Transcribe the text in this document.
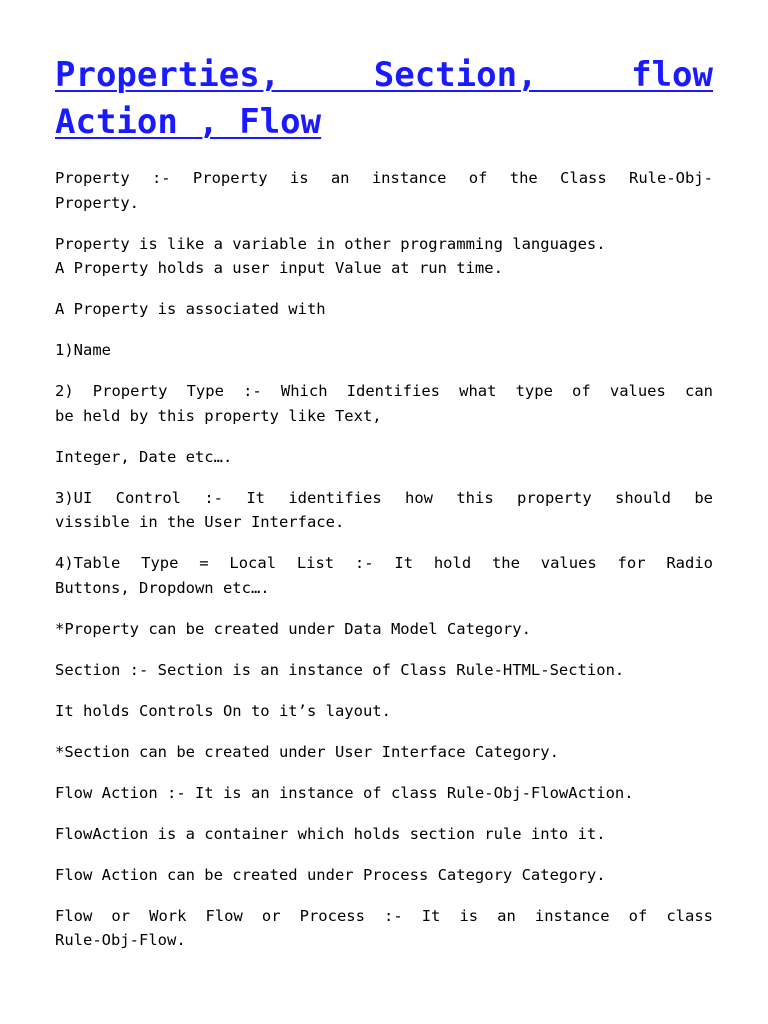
Properties, Section, flow
Action , Flow

Property :- Property is an instance of the Class Rule-Obj-
Property.

Property is like a variable in other programming languages.
A Property holds a user input Value at run time.

A Property is associated with

1)Name

2) Property Type :- Which Identifies what type of values can
be held by this property like Text,

Integer, Date etc….

3)UI Control :- It identifies how this property should be
vissible in the User Interface.

4)Table Type = Local List :- It hold the values for Radio
Buttons, Dropdown etc….

*Property can be created under Data Model Category.

Section :- Section is an instance of Class Rule-HTML-Section.

It holds Controls On to it’s layout.

*Section can be created under User Interface Category.

Flow Action :- It is an instance of class Rule-Obj-FlowAction.

FlowAction is a container which holds section rule into it.

Flow Action can be created under Process Category Category.

Flow or Work Flow or Process :- It is an instance of class
Rule-Obj-Flow.
